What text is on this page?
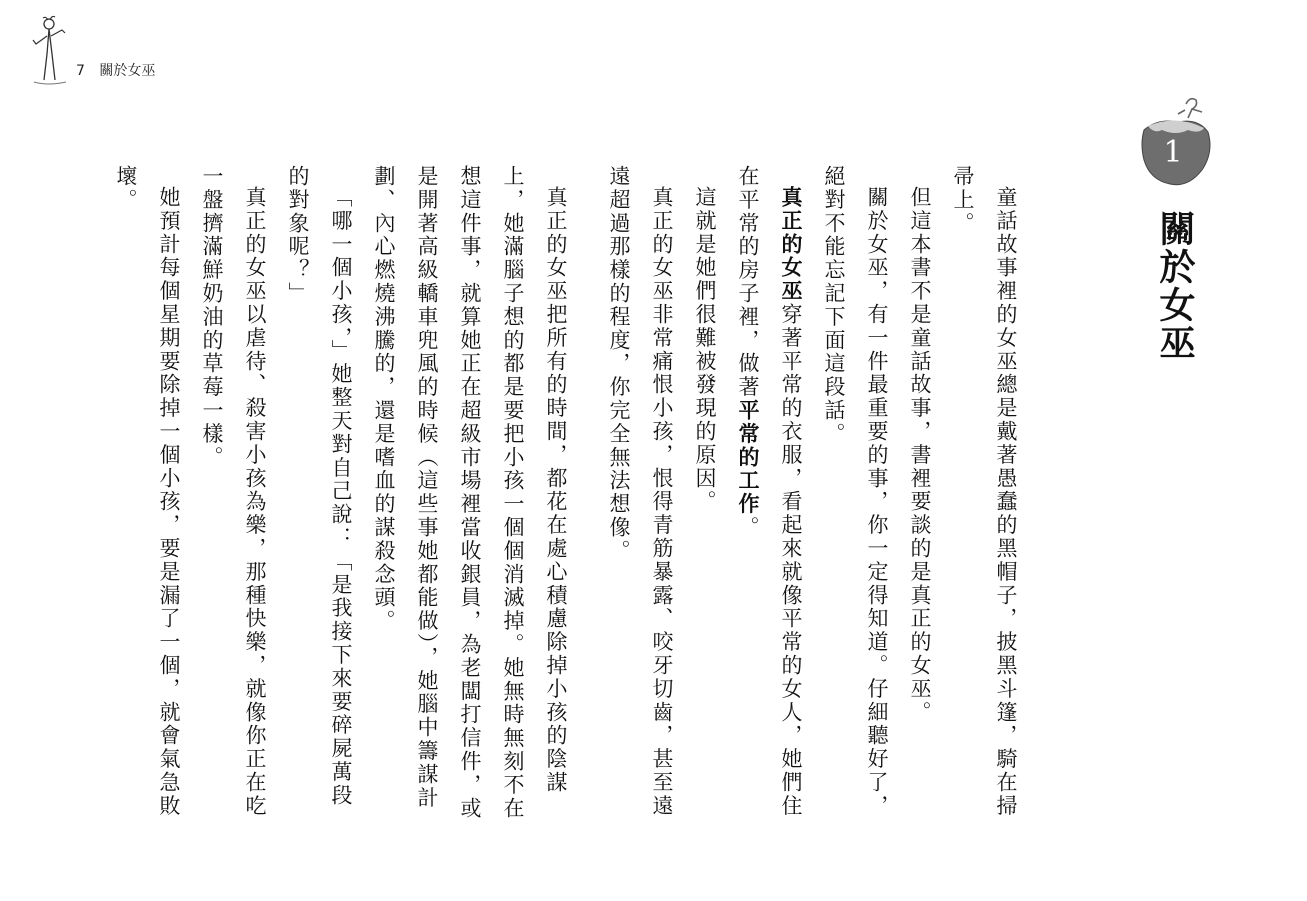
7 關於女巫
1
關於女巫

童話故事裡的女巫總是戴著愚蠢的黑帽子，披黑斗篷，騎在掃帚上。

但這本書不是童話故事，書裡要談的是真正的女巫。

關於女巫，有一件最重要的事，你一定得知道。仔細聽好了，絕對不能忘記下面這段話。

真正的女巫穿著平常的衣服，看起來就像平常的女人，她們住在平常的房子裡，做著平常的工作。

這就是她們很難被發現的原因。

真正的女巫非常痛恨小孩，恨得青筋暴露、咬牙切齒，甚至遠遠超過那樣的程度，你完全無法想像。

真正的女巫把所有的時間，都花在處心積慮除掉小孩的陰謀上，她滿腦子想的都是要把小孩一個個消滅掉。她無時無刻不在想這件事，就算她正在超級市場裡當收銀員，為老闆打信件，或是開著高級轎車兜風的時候（這些事她都能做），她腦中籌謀計劃、內心燃燒沸騰的，還是嗜血的謀殺念頭。

「哪一個小孩，」她整天對自己說：「是我接下來要碎屍萬段的對象呢？」

真正的女巫以虐待、殺害小孩為樂，那種快樂，就像你正在吃一盤擠滿鮮奶油的草莓一樣。

她預計每個星期要除掉一個小孩，要是漏了一個，就會氣急敗壞。
